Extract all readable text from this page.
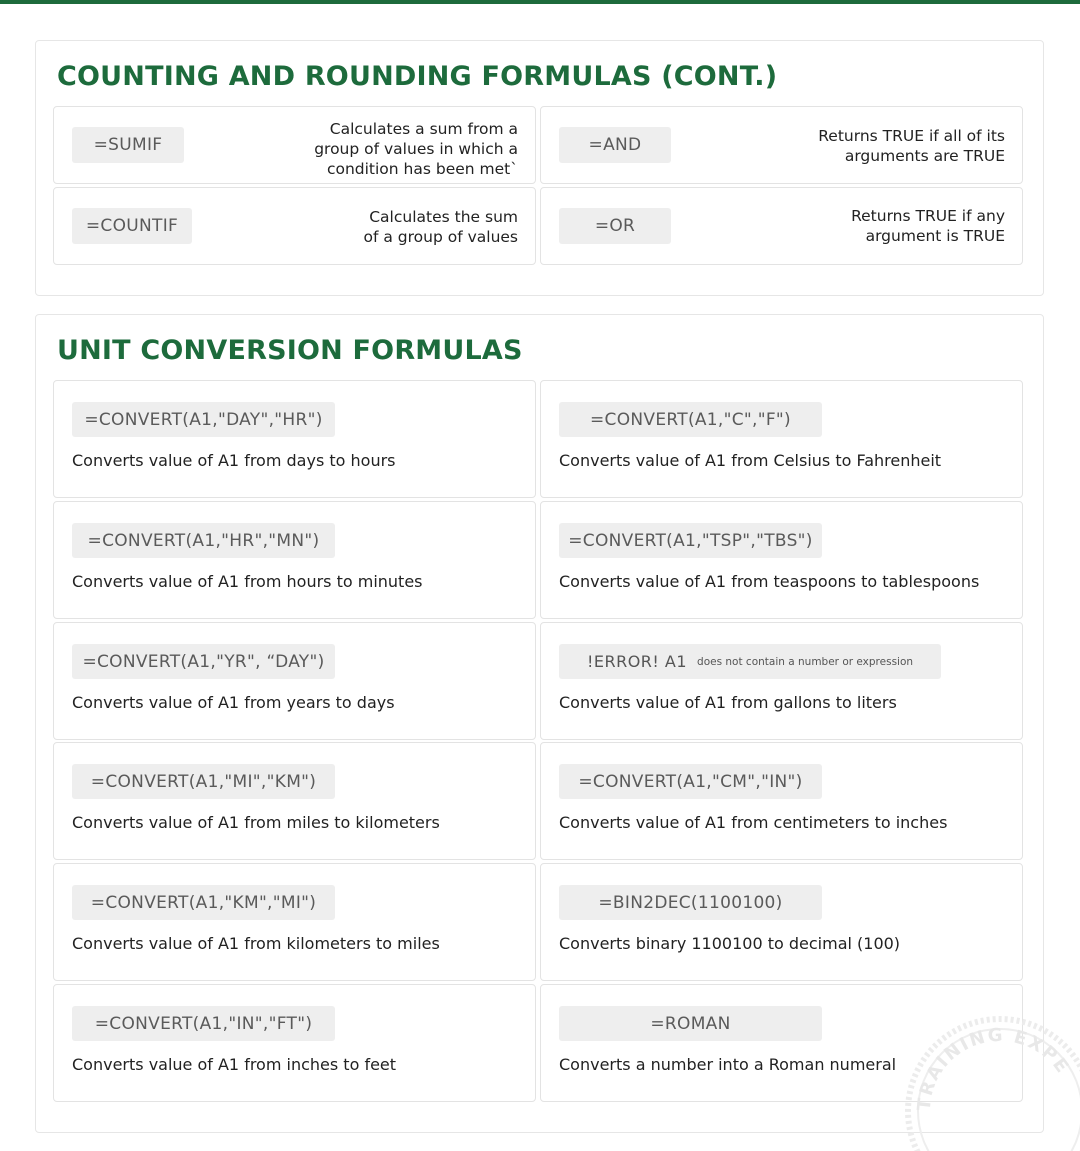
COUNTING AND ROUNDING FORMULAS (CONT.)
=SUMIF
Calculates a sum from a
group of values in which a
condition has been met`
=AND	Returns TRUE if all of its
arguments are TRUE
=COUNTIF	Calculates the sum
of a group of values
=OR	Returns TRUE if any
argument is TRUE
UNIT CONVERSION FORMULAS
=CONVERT(A1,"DAY","HR")
Converts value of A1 from days to hours
=CONVERT(A1,"C","F")
Converts value of A1 from Celsius to Fahrenheit
=CONVERT(A1,"HR","MN")
Converts value of A1 from hours to minutes
=CONVERT(A1,"TSP","TBS")
Converts value of A1 from teaspoons to tablespoons
=CONVERT(A1,"YR", “DAY")
Converts value of A1 from years to days
!ERROR! A1 does not contain a number or expression
Converts value of A1 from gallons to liters
=CONVERT(A1,"MI","KM")
Converts value of A1 from miles to kilometers
=CONVERT(A1,"CM","IN")
Converts value of A1 from centimeters to inches
=CONVERT(A1,"KM","MI")
Converts value of A1 from kilometers to miles
=BIN2DEC(1100100)
Converts binary 1100100 to decimal (100)
=CONVERT(A1,"IN","FT")
Converts value of A1 from inches to feet
=ROMAN
Converts a number into a Roman numeral
TRAINING EXPE
